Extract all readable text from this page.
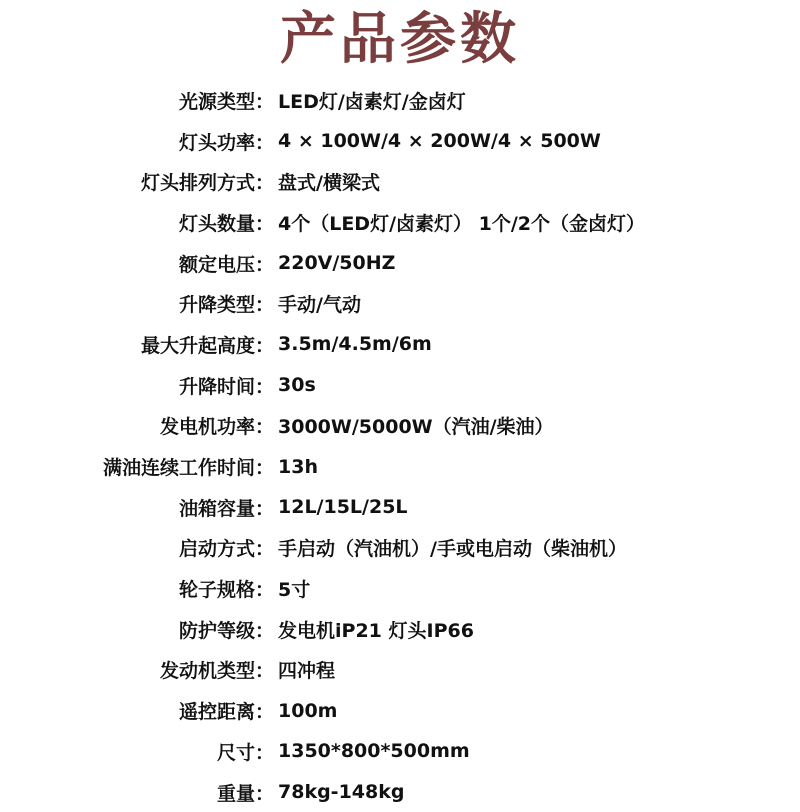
产品参数
光源类型： LED灯/卤素灯/金卤灯
灯头功率： 4 × 100W/4 × 200W/4 × 500W
灯头排列方式： 盘式/横梁式
灯头数量： 4个（LED灯/卤素灯） 1个/2个（金卤灯）
额定电压： 220V/50HZ
升降类型： 手动/气动
最大升起高度： 3.5m/4.5m/6m
升降时间： 30s
发电机功率： 3000W/5000W（汽油/柴油）
满油连续工作时间： 13h
油箱容量： 12L/15L/25L
启动方式： 手启动（汽油机）/手或电启动（柴油机）
轮子规格： 5寸
防护等级： 发电机iP21 灯头IP66
发动机类型： 四冲程
遥控距离： 100m
尺寸： 1350*800*500mm
重量： 78kg-148kg
